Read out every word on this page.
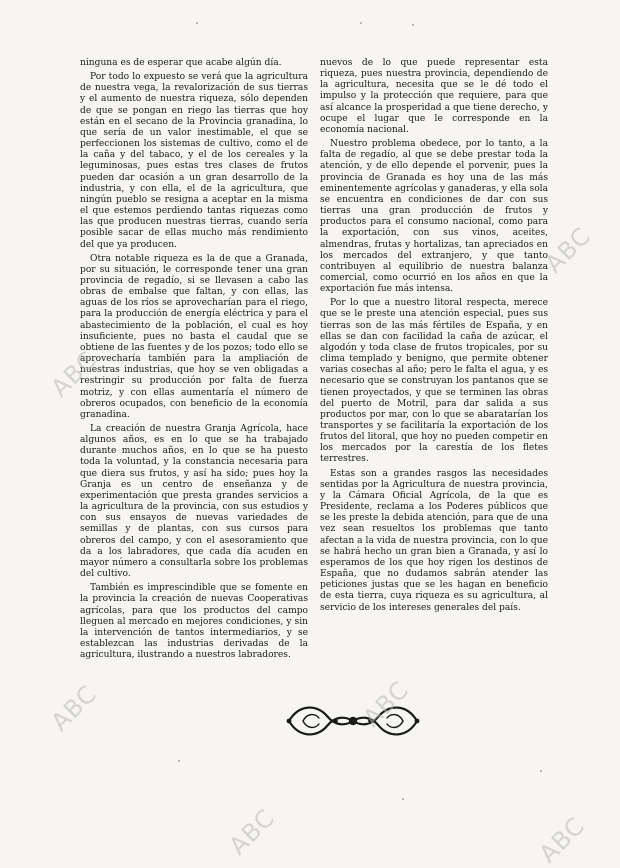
ninguna es de esperar que acabe algún día.

Por todo lo expuesto se verá que la agricultura de nuestra vega, la revalorización de sus tierras y el aumento de nuestra riqueza, sólo dependen de que se pongan en riego las tierras que hoy están en el secano de la Provincia granadina, lo que sería de un valor inestimable, el que se perfeccionen los sistemas de cultivo, como el de la caña y del tabaco, y el de los cereales y la leguminosas, pues estas tres clases de frutos pueden dar ocasión a un gran desarrollo de la industria, y con ella, el de la agricultura, que ningún pueblo se resigna a aceptar en la misma el que estemos perdiendo tantas riquezas como las que producen nuestras tierras, cuando sería posible sacar de ellas mucho más rendimiento del que ya producen.

Otra notable riqueza es la de que a Granada, por su situación, le corresponde tener una gran provincia de regadío, si se llevasen a cabo las obras de embalse que faltan, y con ellas, las aguas de los ríos se aprovecharían para el riego, para la producción de energía eléctrica y para el abastecimiento de la población, el cual es hoy insuficiente, pues no basta el caudal que se obtiene de las fuentes y de los pozos; todo ello se aprovecharía también para la ampliación de nuestras industrias, que hoy se ven obligadas a restringir su producción por falta de fuerza motriz, y con ellas aumentaría el número de obreros ocupados, con beneficio de la economía granadina.

La creación de nuestra Granja Agrícola, hace algunos años, es en lo que se ha trabajado durante muchos años, en lo que se ha puesto toda la voluntad, y la constancia necesaria para que diera sus frutos, y así ha sido; pues hoy la Granja es un centro de enseñanza y de experimentación que presta grandes servicios a la agricultura de la provincia, con sus estudios y con sus ensayos de nuevas variedades de semillas y de plantas, con sus cursos para obreros del campo, y con el asesoramiento que da a los labradores, que cada día acuden en mayor número a consultarla sobre los problemas del cultivo.

También es imprescindible que se fomente en la provincia la creación de nuevas Cooperativas agrícolas, para que los productos del campo lleguen al mercado en mejores condiciones, y sin la intervención de tantos intermediarios, y se establezcan las industrias derivadas de la agricultura, ilustrando a nuestros labradores.

nuevos de lo que puede representar esta riqueza, pues nuestra provincia, dependiendo de la agricultura, necesita que se le dé todo el impulso y la protección que requiere, para que así alcance la prosperidad a que tiene derecho, y ocupe el lugar que le corresponde en la economía nacional.

Nuestro problema obedece, por lo tanto, a la falta de regadío, al que se debe prestar toda la atención, y de ello depende el porvenir, pues la provincia de Granada es hoy una de las más eminentemente agrícolas y ganaderas, y ella sola se encuentra en condiciones de dar con sus tierras una gran producción de frutos y productos para el consumo nacional, como para la exportación, con sus vinos, aceites, almendras, frutas y hortalizas, tan apreciados en los mercados del extranjero, y que tanto contribuyen al equilibrio de nuestra balanza comercial, como ocurrió en los años en que la exportación fue más intensa.

Por lo que a nuestro litoral respecta, merece que se le preste una atención especial, pues sus tierras son de las más fértiles de España, y en ellas se dan con facilidad la caña de azúcar, el algodón y toda clase de frutos tropicales, por su clima templado y benigno, que permite obtener varias cosechas al año; pero le falta el agua, y es necesario que se construyan los pantanos que se tienen proyectados, y que se terminen las obras del puerto de Motril, para dar salida a sus productos por mar, con lo que se abaratarían los transportes y se facilitaría la exportación de los frutos del litoral, que hoy no pueden competir en los mercados por la carestía de los fletes terrestres.

Estas son a grandes rasgos las necesidades sentidas por la Agricultura de nuestra provincia, y la Cámara Oficial Agrícola, de la que es Presidente, reclama a los Poderes públicos que se les preste la debida atención, para que de una vez sean resueltos los problemas que tanto afectan a la vida de nuestra provincia, con lo que se habrá hecho un gran bien a Granada, y así lo esperamos de los que hoy rigen los destinos de España, que no dudamos sabrán atender las peticiones justas que se les hagan en beneficio de esta tierra, cuya riqueza es su agricultura, al servicio de los intereses generales del país.

ABC
ABC
ABC	ABC
ABC	ABC
